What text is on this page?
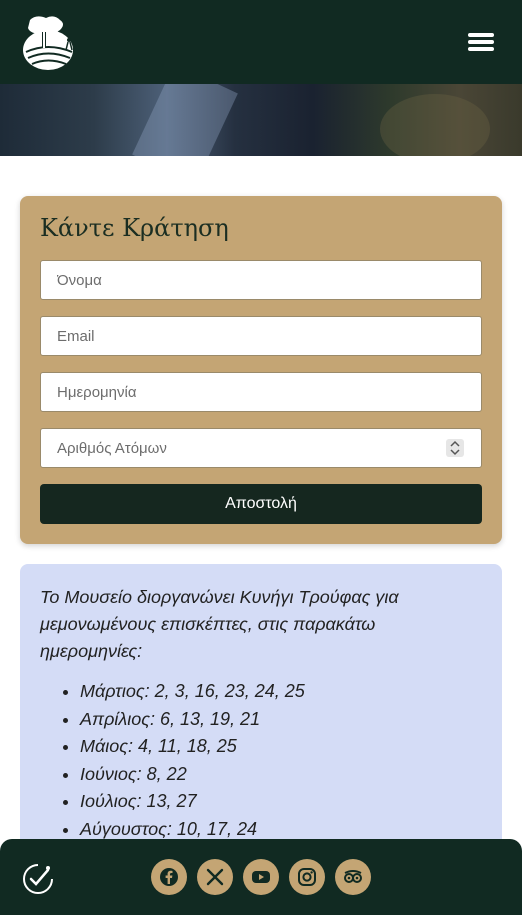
Κάντε Κράτηση
Όνομα
Email
Ημερομηνία
Αριθμός Ατόμων
Αποστολή

Το Μουσείο διοργανώνει Κυνήγι Τρούφας για μεμονωμένους επισκέπτες, στις παρακάτω ημερομηνίες:

• Μάρτιος: 2, 3, 16, 23, 24, 25
• Απρίλιος: 6, 13, 19, 21
• Μάιος: 4, 11, 18, 25
• Ιούνιος: 8, 22
• Ιούλιος: 13, 27
• Αύγουστος: 10, 17, 24
